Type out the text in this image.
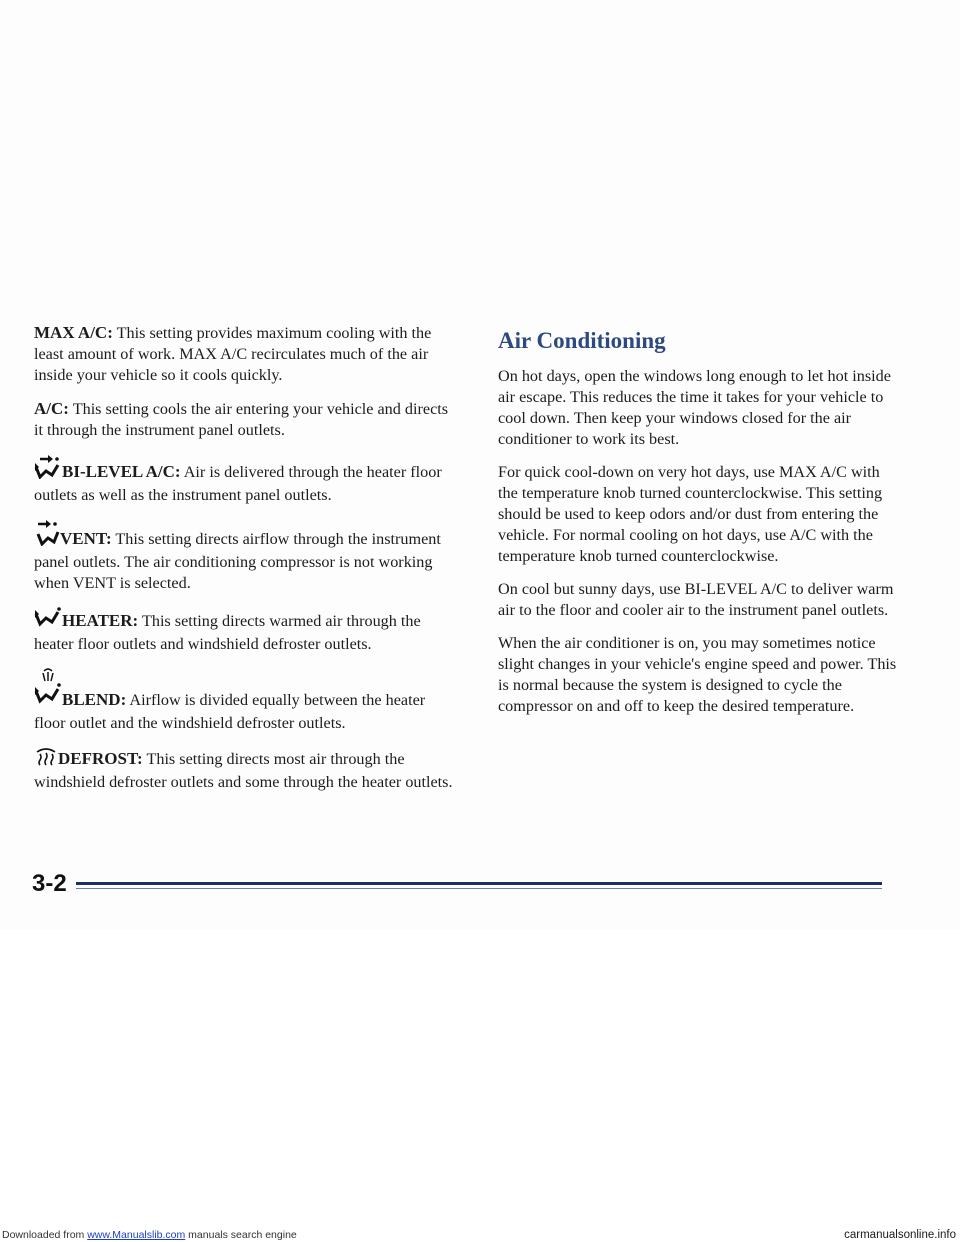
MAX A/C: This setting provides maximum cooling with the least amount of work. MAX A/C recirculates much of the air inside your vehicle so it cools quickly.

A/C: This setting cools the air entering your vehicle and directs it through the instrument panel outlets.

BI-LEVEL A/C: Air is delivered through the heater floor outlets as well as the instrument panel outlets.

VENT: This setting directs airflow through the instrument panel outlets. The air conditioning compressor is not working when VENT is selected.

HEATER: This setting directs warmed air through the heater floor outlets and windshield defroster outlets.

BLEND: Airflow is divided equally between the heater floor outlet and the windshield defroster outlets.

DEFROST: This setting directs most air through the windshield defroster outlets and some through the heater outlets.

Air Conditioning

On hot days, open the windows long enough to let hot inside air escape. This reduces the time it takes for your vehicle to cool down. Then keep your windows closed for the air conditioner to work its best.

For quick cool-down on very hot days, use MAX A/C with the temperature knob turned counterclockwise. This setting should be used to keep odors and/or dust from entering the vehicle. For normal cooling on hot days, use A/C with the temperature knob turned counterclockwise.

On cool but sunny days, use BI-LEVEL A/C to deliver warm air to the floor and cooler air to the instrument panel outlets.

When the air conditioner is on, you may sometimes notice slight changes in your vehicle's engine speed and power. This is normal because the system is designed to cycle the compressor on and off to keep the desired temperature.

3-2
Downloaded from www.Manualslib.com manuals search engine	carmanualsonline.info
